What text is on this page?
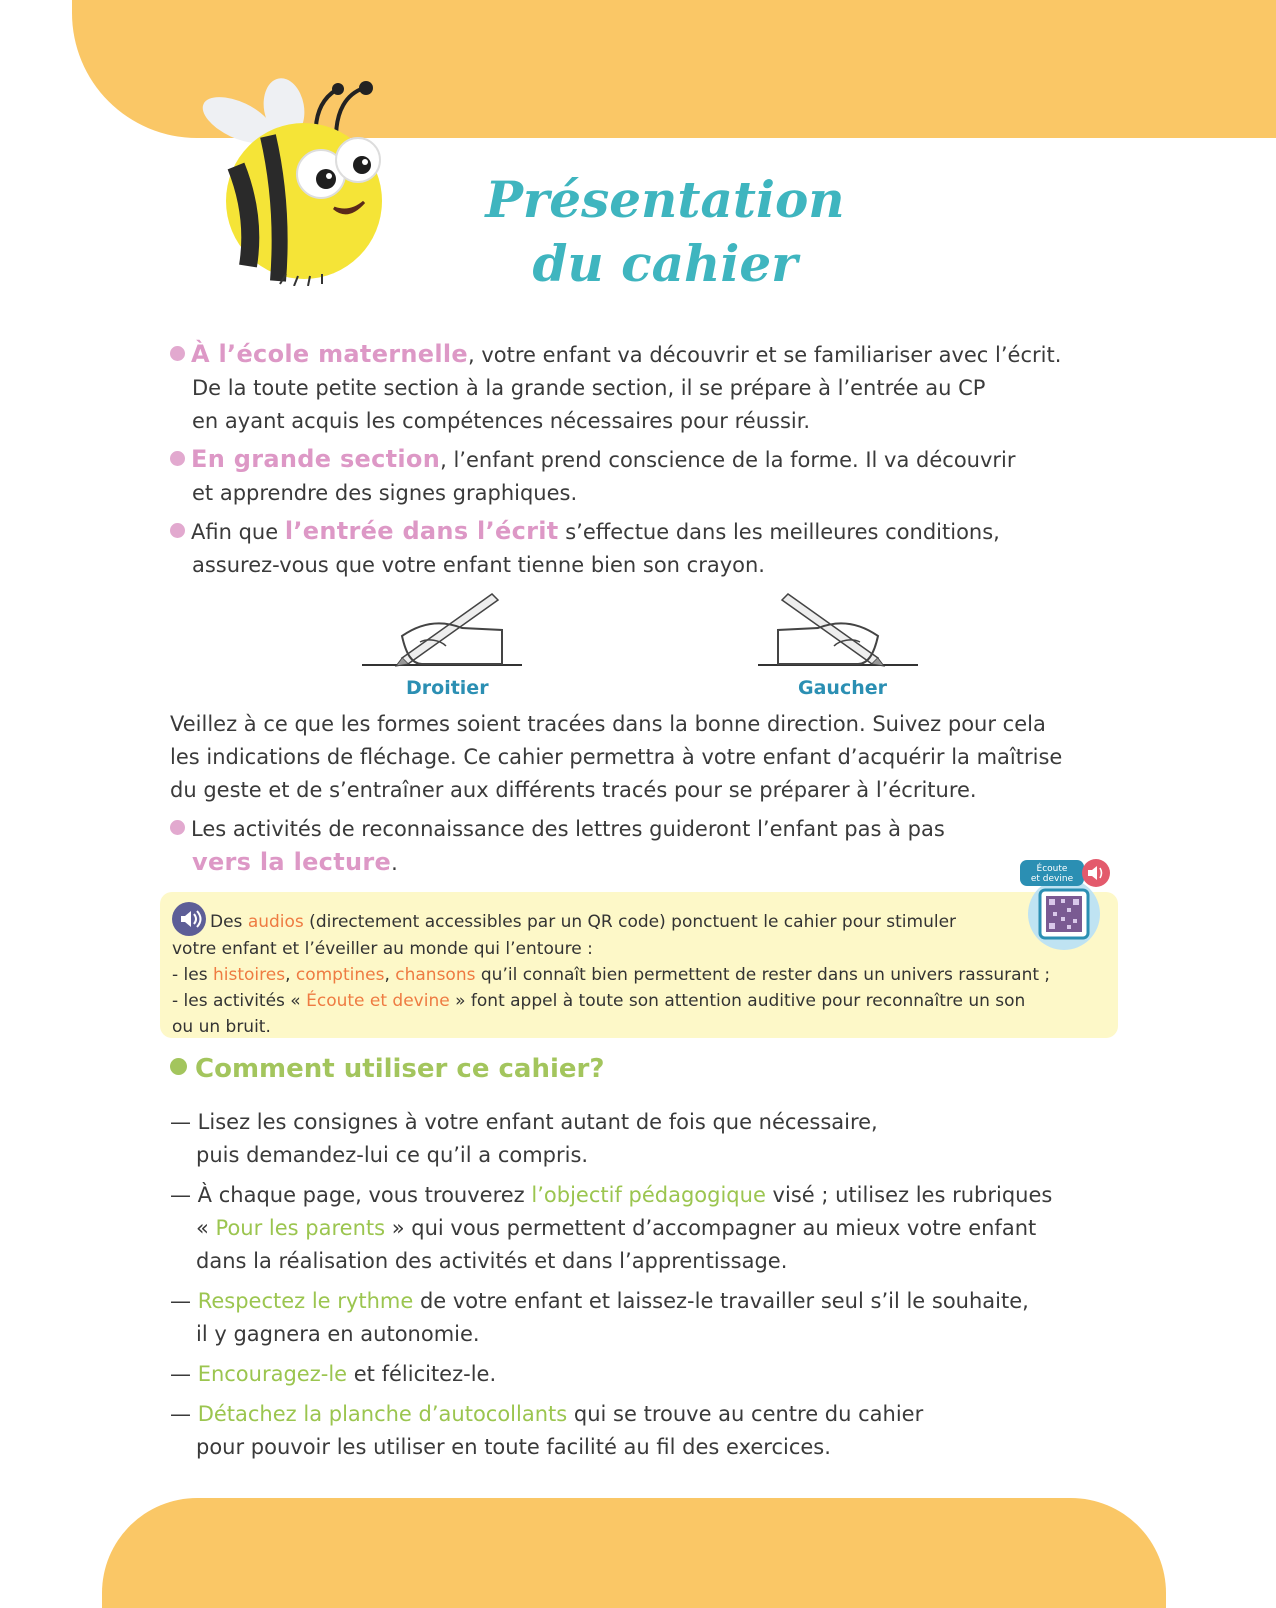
Présentation
du cahier
À l’école maternelle, votre enfant va découvrir et se familiariser avec l’écrit.
De la toute petite section à la grande section, il se prépare à l’entrée au CP
en ayant acquis les compétences nécessaires pour réussir.
En grande section, l’enfant prend conscience de la forme. Il va découvrir
et apprendre des signes graphiques.
Afin que l’entrée dans l’écrit s’effectue dans les meilleures conditions,
assurez-vous que votre enfant tienne bien son crayon.
Droitier	Gaucher
Veillez à ce que les formes soient tracées dans la bonne direction. Suivez pour cela
les indications de fléchage. Ce cahier permettra à votre enfant d’acquérir la maîtrise
du geste et de s’entraîner aux différents tracés pour se préparer à l’écriture.
Les activités de reconnaissance des lettres guideront l’enfant pas à pas
vers la lecture.
Des audios (directement accessibles par un QR code) ponctuent le cahier pour stimuler
votre enfant et l’éveiller au monde qui l’entoure :
- les histoires, comptines, chansons qu’il connaît bien permettent de rester dans un univers rassurant ;
- les activités « Écoute et devine » font appel à toute son attention auditive pour reconnaître un son
ou un bruit.
Écoute
et devine
Comment utiliser ce cahier?
— Lisez les consignes à votre enfant autant de fois que nécessaire,
puis demandez-lui ce qu’il a compris.
— À chaque page, vous trouverez l’objectif pédagogique visé ; utilisez les rubriques
« Pour les parents » qui vous permettent d’accompagner au mieux votre enfant
dans la réalisation des activités et dans l’apprentissage.
— Respectez le rythme de votre enfant et laissez-le travailler seul s’il le souhaite,
il y gagnera en autonomie.
— Encouragez-le et félicitez-le.
— Détachez la planche d’autocollants qui se trouve au centre du cahier
pour pouvoir les utiliser en toute facilité au fil des exercices.
